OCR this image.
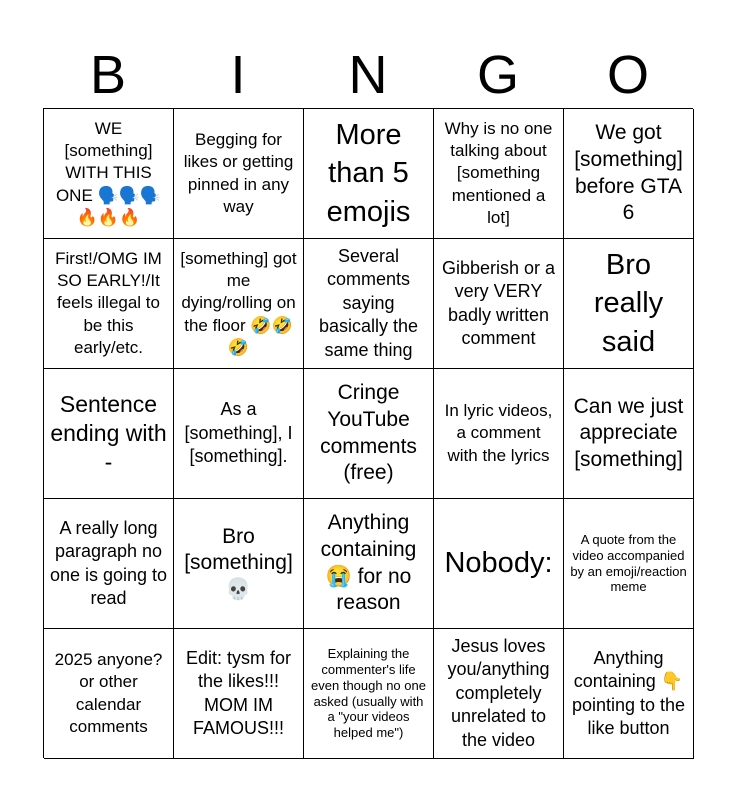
B	I	N	G	O
WE [something] WITH THIS ONE 🗣️🗣️🗣️🔥🔥🔥
Begging for likes or getting pinned in any way
More than 5 emojis
Why is no one talking about [something mentioned a lot]
We got [something] before GTA 6
First!/OMG IM SO EARLY!/It feels illegal to be this early/etc.
[something] got me dying/rolling on the floor 🤣🤣🤣
Several comments saying basically the same thing
Gibberish or a very VERY badly written comment
Bro really said
Sentence ending with -
As a [something], I [something].
Cringe YouTube comments (free)
In lyric videos, a comment with the lyrics
Can we just appreciate [something]
A really long paragraph no one is going to read
Bro [something] 💀
Anything containing 😭 for no reason
Nobody:
A quote from the video accompanied by an emoji/reaction meme
2025 anyone? or other calendar comments
Edit: tysm for the likes!!! MOM IM FAMOUS!!!
Explaining the commenter's life even though no one asked (usually with a "your videos helped me")
Jesus loves you/anything completely unrelated to the video
Anything containing 👇 pointing to the like button
